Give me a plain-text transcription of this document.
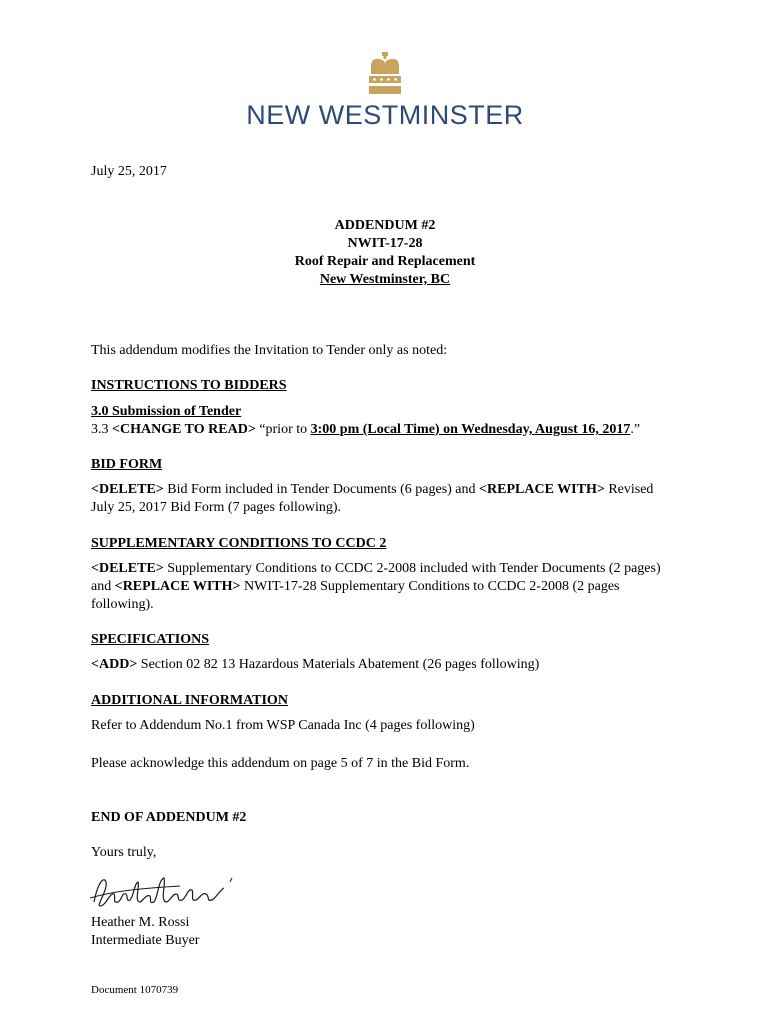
NEW WESTMINSTER
July 25, 2017
ADDENDUM #2
NWIT-17-28
Roof Repair and Replacement
New Westminster, BC
This addendum modifies the Invitation to Tender only as noted:
INSTRUCTIONS TO BIDDERS
3.0 Submission of Tender
3.3 <CHANGE TO READ> “prior to 3:00 pm (Local Time) on Wednesday, August 16, 2017.”
BID FORM
<DELETE> Bid Form included in Tender Documents (6 pages) and <REPLACE WITH> Revised
July 25, 2017 Bid Form (7 pages following).
SUPPLEMENTARY CONDITIONS TO CCDC 2
<DELETE> Supplementary Conditions to CCDC 2-2008 included with Tender Documents (2 pages)
and <REPLACE WITH> NWIT-17-28 Supplementary Conditions to CCDC 2-2008 (2 pages
following).
SPECIFICATIONS
<ADD> Section 02 82 13 Hazardous Materials Abatement (26 pages following)
ADDITIONAL INFORMATION
Refer to Addendum No.1 from WSP Canada Inc (4 pages following)
Please acknowledge this addendum on page 5 of 7 in the Bid Form.
END OF ADDENDUM #2
Yours truly,
Heather M. Rossi
Intermediate Buyer
Document 1070739
